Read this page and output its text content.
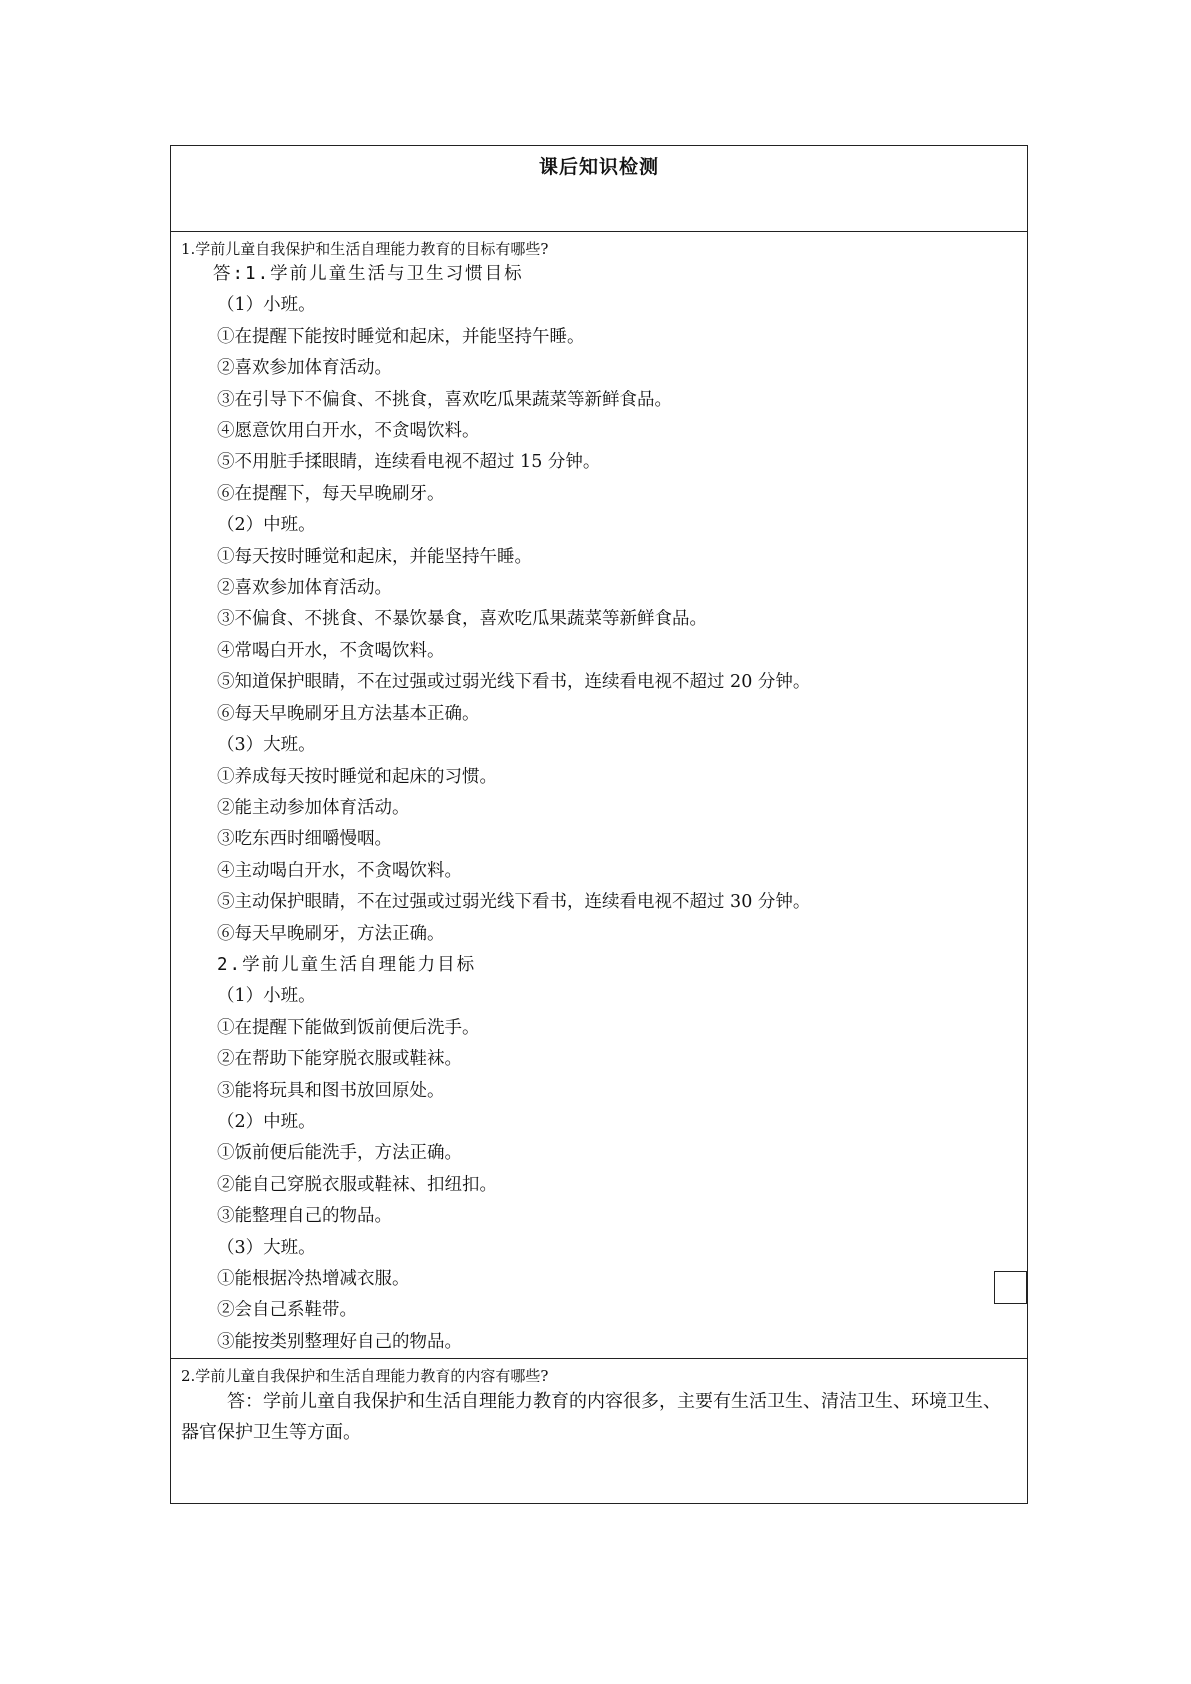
课后知识检测
1.学前儿童自我保护和生活自理能力教育的目标有哪些?
答:1.学前儿童生活与卫生习惯目标
（1）小班。
①在提醒下能按时睡觉和起床，并能坚持午睡。
②喜欢参加体育活动。
③在引导下不偏食、不挑食，喜欢吃瓜果蔬菜等新鲜食品。
④愿意饮用白开水，不贪喝饮料。
⑤不用脏手揉眼睛，连续看电视不超过 15 分钟。
⑥在提醒下，每天早晚刷牙。
（2）中班。
①每天按时睡觉和起床，并能坚持午睡。
②喜欢参加体育活动。
③不偏食、不挑食、不暴饮暴食，喜欢吃瓜果蔬菜等新鲜食品。
④常喝白开水，不贪喝饮料。
⑤知道保护眼睛，不在过强或过弱光线下看书，连续看电视不超过 20 分钟。
⑥每天早晚刷牙且方法基本正确。
（3）大班。
①养成每天按时睡觉和起床的习惯。
②能主动参加体育活动。
③吃东西时细嚼慢咽。
④主动喝白开水，不贪喝饮料。
⑤主动保护眼睛，不在过强或过弱光线下看书，连续看电视不超过 30 分钟。
⑥每天早晚刷牙，方法正确。
2.学前儿童生活自理能力目标
（1）小班。
①在提醒下能做到饭前便后洗手。
②在帮助下能穿脱衣服或鞋袜。
③能将玩具和图书放回原处。
（2）中班。
①饭前便后能洗手，方法正确。
②能自己穿脱衣服或鞋袜、扣纽扣。
③能整理自己的物品。
（3）大班。
①能根据冷热增减衣服。
②会自己系鞋带。
③能按类别整理好自己的物品。
2.学前儿童自我保护和生活自理能力教育的内容有哪些?
答：学前儿童自我保护和生活自理能力教育的内容很多，主要有生活卫生、清洁卫生、环境卫生、器官保护卫生等方面。
